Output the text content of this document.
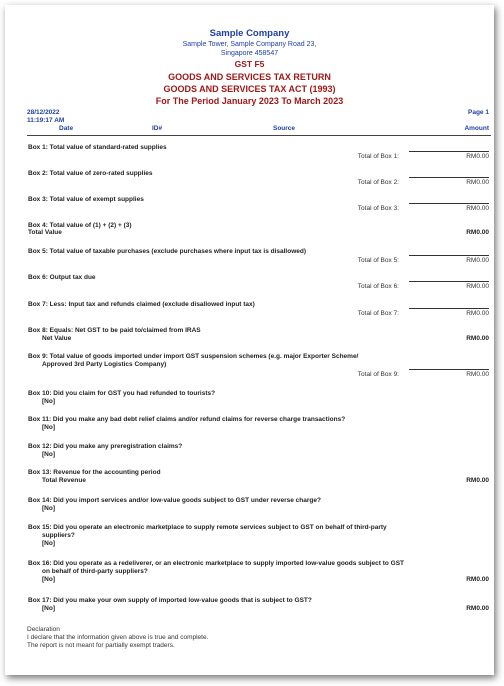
Sample Company
Sample Tower, Sample Company Road 23,
Singapore 458547
GST F5
GOODS AND SERVICES TAX RETURN
GOODS AND SERVICES TAX ACT (1993)
For The Period January 2023 To March 2023
28/12/2022
11:19:17 AM
Page 1
Date	ID#	Source	Amount
Box 1: Total value of standard-rated supplies
Total of Box 1:	RM0.00
Box 2: Total value of zero-rated supplies
Total of Box 2:	RM0.00
Box 3: Total value of exempt supplies
Total of Box 3:	RM0.00
Box 4: Total value of (1) + (2) + (3)
Total Value	RM0.00
Box 5: Total value of taxable purchases (exclude purchases where input tax is disallowed)
Total of Box 5:	RM0.00
Box 6: Output tax due
Total of Box 6:	RM0.00
Box 7: Less: Input tax and refunds claimed (exclude disallowed input tax)
Total of Box 7:	RM0.00
Box 8: Equals: Net GST to be paid to/claimed from IRAS
Net Value	RM0.00
Box 9: Total value of goods imported under import GST suspension schemes (e.g. major Exporter Scheme/
Approved 3rd Party Logistics Company)
Total of Box 9:	RM0.00
Box 10: Did you claim for GST you had refunded to tourists?
[No]
Box 11: Did you make any bad debt relief claims and/or refund claims for reverse charge transactions?
[No]
Box 12: Did you make any preregistration claims?
[No]
Box 13: Revenue for the accounting period
Total Revenue	RM0.00
Box 14: Did you import services and/or low-value goods subject to GST under reverse charge?
[No]
Box 15: Did you operate an electronic marketplace to supply remote services subject to GST on behalf of third-party
suppliers?
[No]
Box 16: Did you operate as a redeliverer, or an electronic marketplace to supply imported low-value goods subject to GST
on behalf of third-party suppliers?
[No]	RM0.00
Box 17: Did you make your own supply of imported low-value goods that is subject to GST?
[No]	RM0.00
Declaration
I declare that the information given above is true and complete.
The report is not meant for partially exempt traders.
